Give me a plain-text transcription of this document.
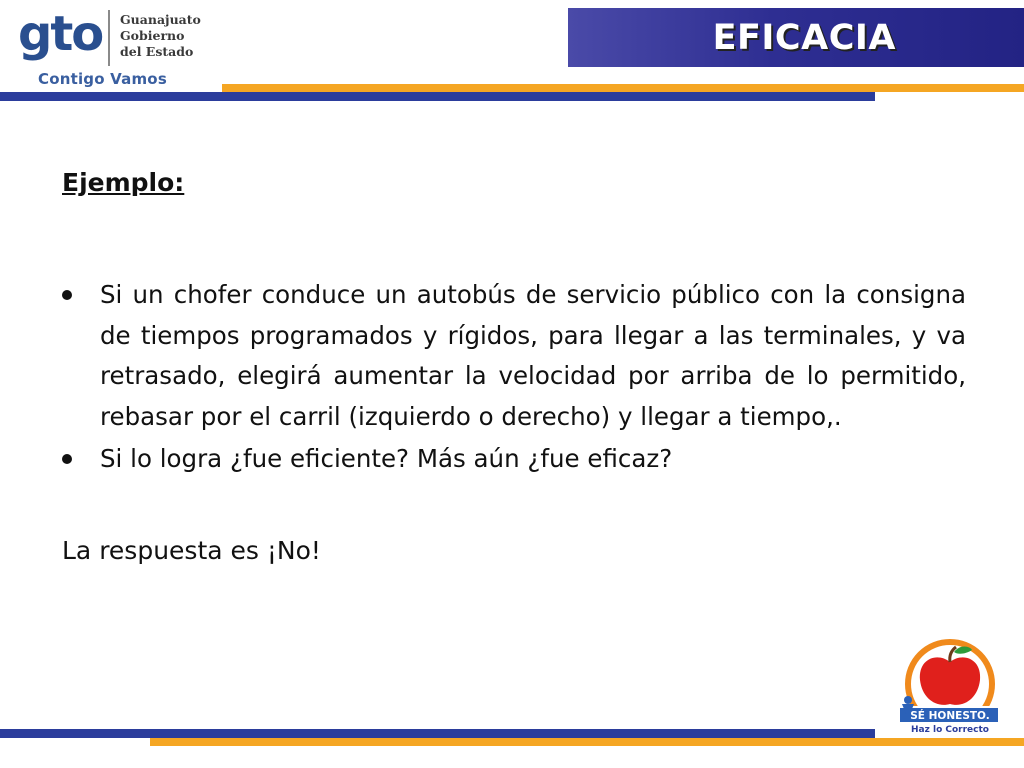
gto Guanajuato
Gobierno
del Estado
Contigo Vamos
EFICACIA
Ejemplo:
Si un chofer conduce un autobús de servicio público con la consigna de tiempos programados y rígidos, para llegar a las terminales, y va retrasado, elegirá aumentar la velocidad por arriba de lo permitido, rebasar por el carril (izquierdo o derecho) y llegar a tiempo,.
Si lo logra ¿fue eficiente? Más aún ¿fue eficaz?
La respuesta es ¡No!
SÉ HONESTO.
Haz lo Correcto
